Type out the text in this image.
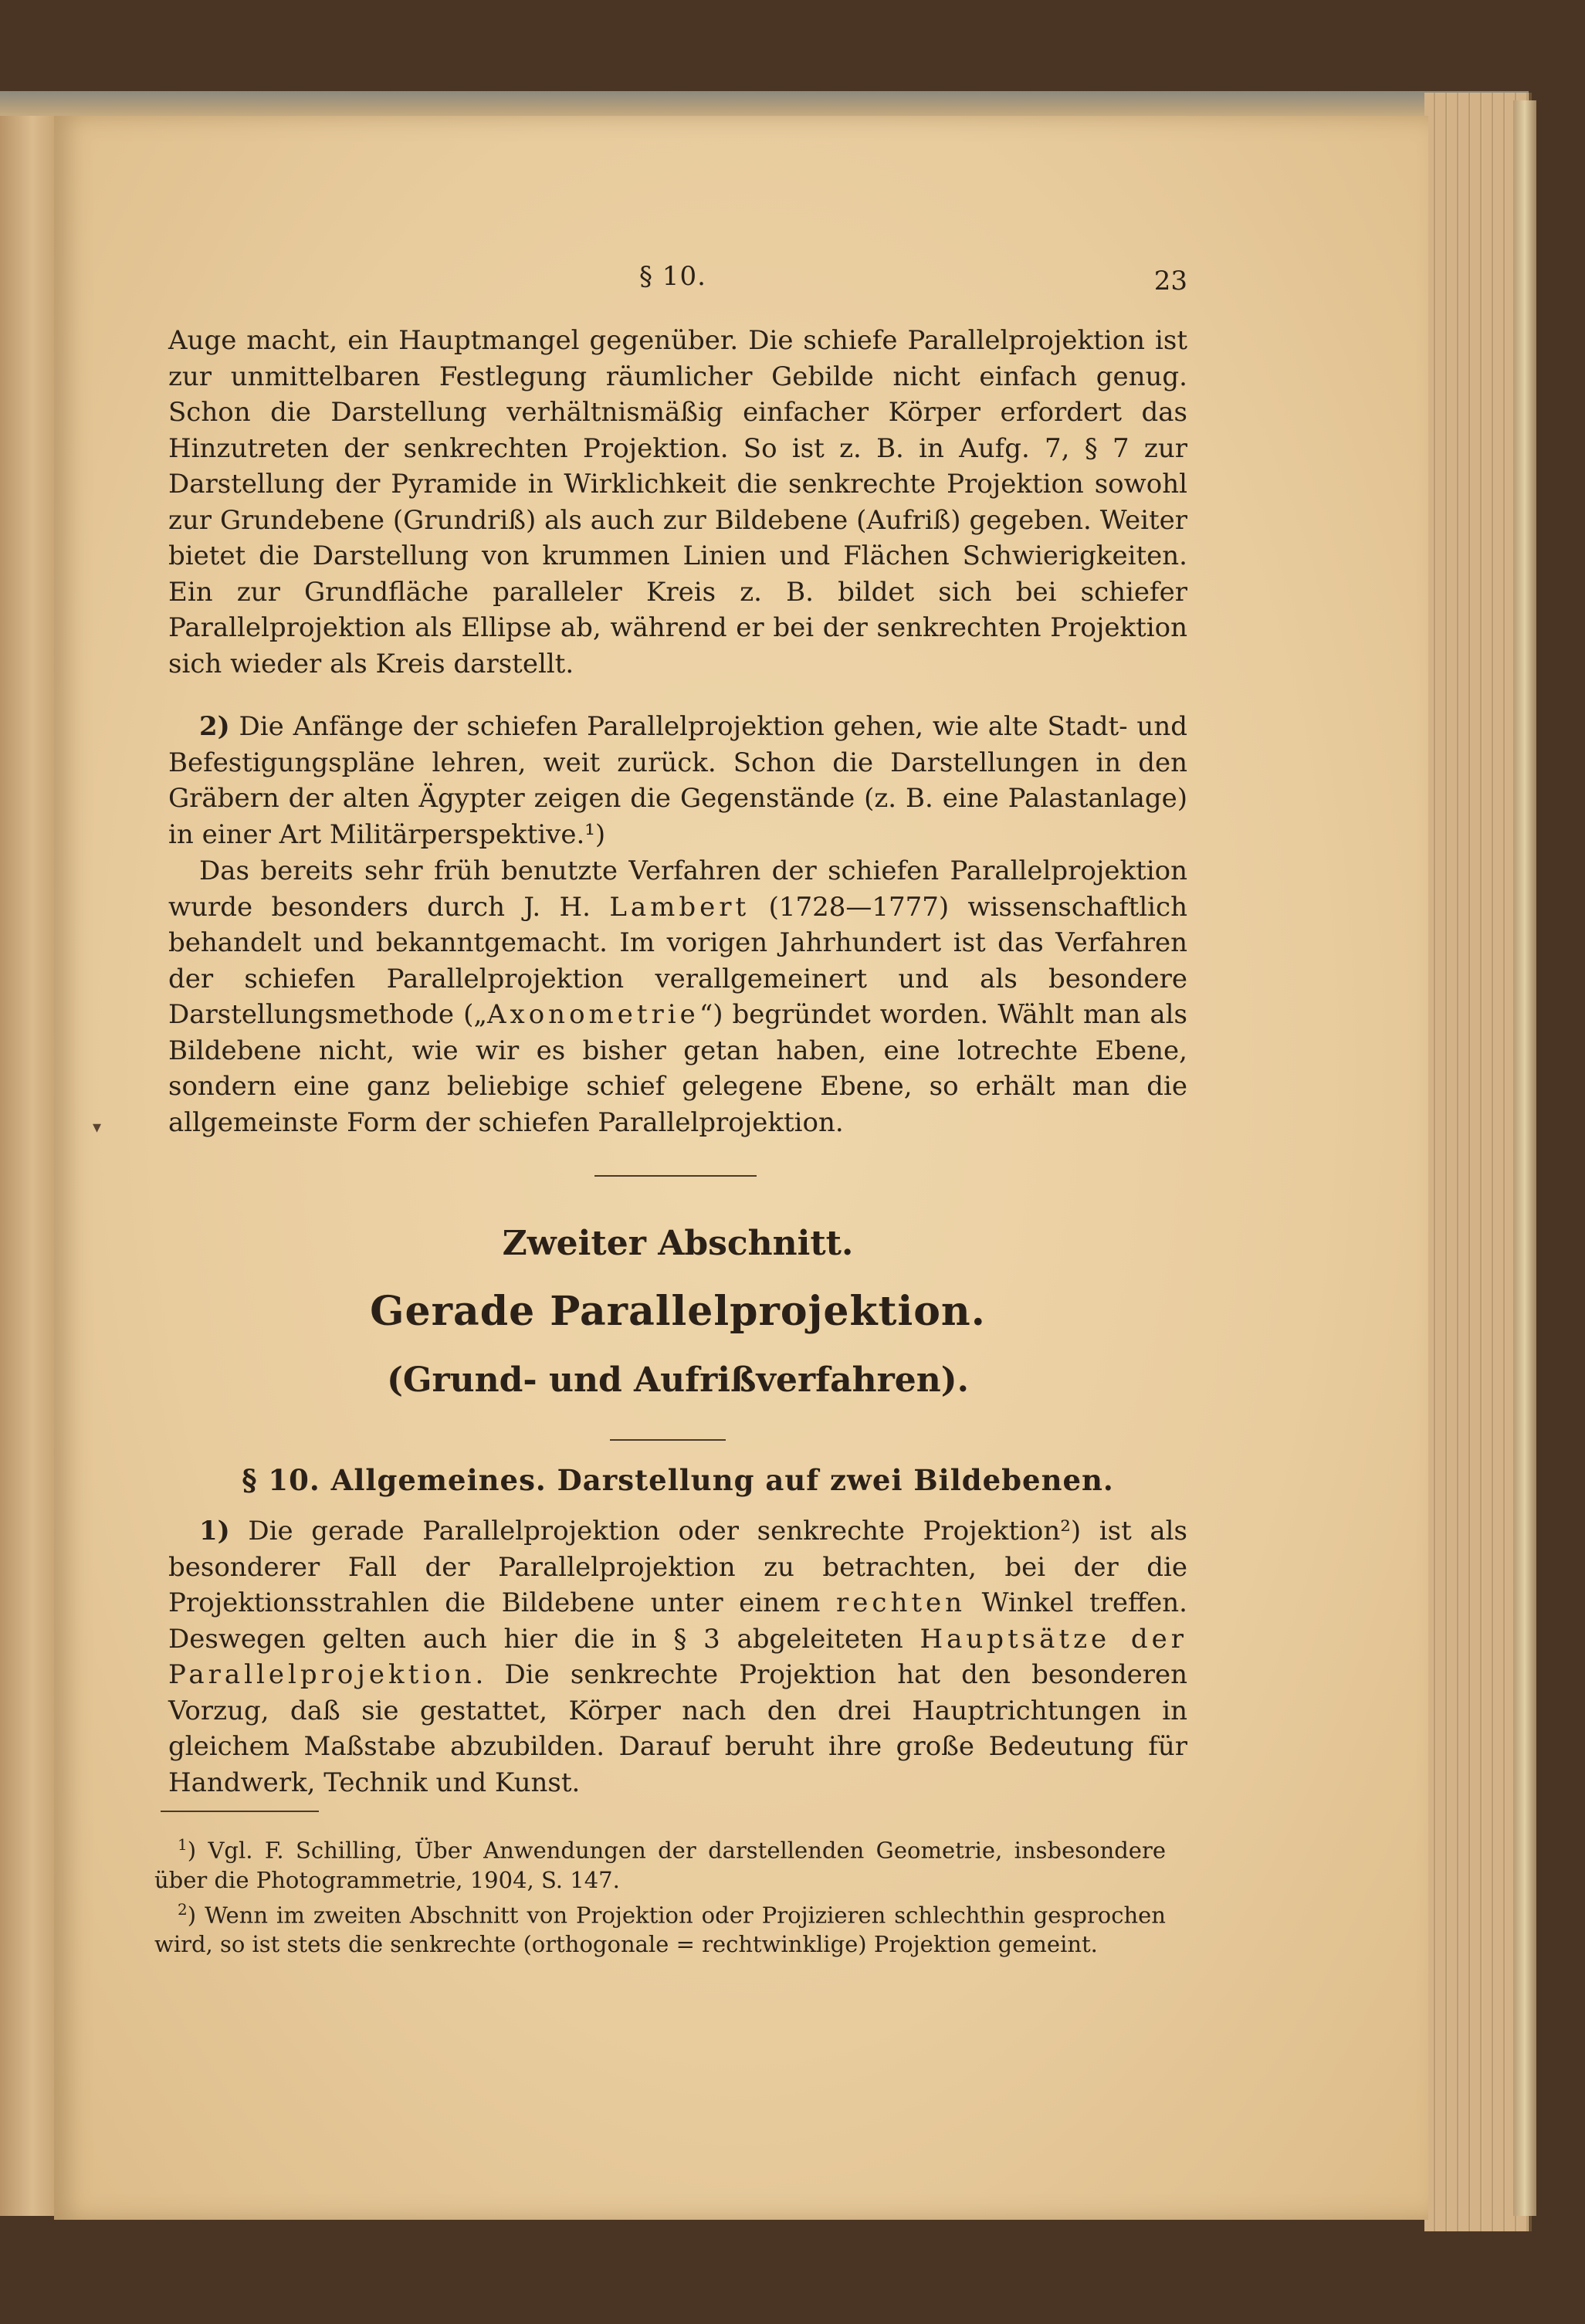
§ 10.	23

Auge macht, ein Hauptmangel gegenüber. Die schiefe Parallelprojektion ist zur unmittelbaren Festlegung räumlicher Gebilde nicht einfach genug. Schon die Darstellung verhältnismäßig einfacher Körper erfordert das Hinzutreten der senkrechten Projektion. So ist z. B. in Aufg. 7, § 7 zur Darstellung der Pyramide in Wirklichkeit die senkrechte Projektion sowohl zur Grundebene (Grundriß) als auch zur Bildebene (Aufriß) gegeben. Weiter bietet die Darstellung von krummen Linien und Flächen Schwierigkeiten. Ein zur Grundfläche paralleler Kreis z. B. bildet sich bei schiefer Parallelprojektion als Ellipse ab, während er bei der senkrechten Projektion sich wieder als Kreis darstellt.

2) Die Anfänge der schiefen Parallelprojektion gehen, wie alte Stadt- und Befestigungspläne lehren, weit zurück. Schon die Darstellungen in den Gräbern der alten Ägypter zeigen die Gegenstände (z. B. eine Palastanlage) in einer Art Militärperspektive.¹)

Das bereits sehr früh benutzte Verfahren der schiefen Parallelprojektion wurde besonders durch J. H. Lambert (1728—1777) wissenschaftlich behandelt und bekanntgemacht. Im vorigen Jahrhundert ist das Verfahren der schiefen Parallelprojektion verallgemeinert und als besondere Darstellungsmethode („Axonometrie“) begründet worden. Wählt man als Bildebene nicht, wie wir es bisher getan haben, eine lotrechte Ebene, sondern eine ganz beliebige schief gelegene Ebene, so erhält man die allgemeinste Form der schiefen Parallelprojektion.

▾
Zweiter Abschnitt.
Gerade Parallelprojektion.
(Grund- und Aufrißverfahren).
§ 10. Allgemeines. Darstellung auf zwei Bildebenen.

1) Die gerade Parallelprojektion oder senkrechte Projektion²) ist als besonderer Fall der Parallelprojektion zu betrachten, bei der die Projektionsstrahlen die Bildebene unter einem rechten Winkel treffen. Deswegen gelten auch hier die in § 3 abgeleiteten Hauptsätze der Parallelprojektion. Die senkrechte Projektion hat den besonderen Vorzug, daß sie gestattet, Körper nach den drei Hauptrichtungen in gleichem Maßstabe abzubilden. Darauf beruht ihre große Bedeutung für Handwerk, Technik und Kunst.

$^1$) Vgl. F. Schilling, Über Anwendungen der darstellenden Geometrie, insbesondere über die Photogrammetrie, 1904, S. 147.

$^2$) Wenn im zweiten Abschnitt von Projektion oder Projizieren schlechthin gesprochen wird, so ist stets die senkrechte (orthogonale = rechtwinklige) Projektion gemeint.
